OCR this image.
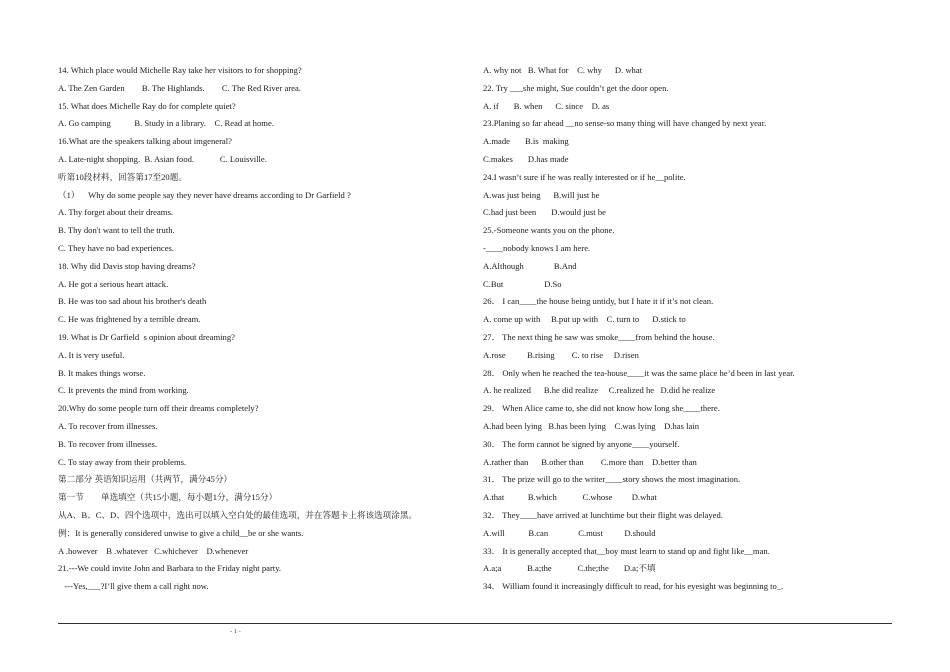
14. Which place would Michelle Ray take her visitors to for shopping?
A. The Zen Garden        B. The Highlands.        C. The Red River area.
15. What does Michelle Ray do for complete quiet?
A. Go camping           B. Study in a library.    C. Read at home.
16.What are the speakers talking about imgeneral?
A. Late-night shopping.  B. Asian food.            C. Louisville.
听第10段材料，回答第17至20题。
（1）    Why do some people say they never have dreams according to Dr Garfield ?
A. Thy forget about their dreams.
B. Thy don't want to tell the truth.
C. They have no bad experiences.
18. Why did Davis stop having dreams?
A. He got a serious heart attack.
B. He was too sad about his brother's death
C. He was frightened by a terrible dream.
19. What is Dr Garfield  s opinion about dreaming?
A. It is very useful.
B. It makes things worse.
C. It prevents the mind from working.
20.Why do some people turn off their dreams completely?
A. To recover from illnesses.
B. To recover from illnesses.
C. To stay away from their problems.
第二部分 英语知识运用（共两节，满分45分）
第一节        单选填空（共15小题，每小题1分，满分15分）
从A、B、C、D、四个选项中，选出可以填入空白处的最佳选项，并在答题卡上将该选项涂黑。
例：It is generally considered unwise to give a child__be or she wants.
A .however    B .whatever   C.whichever    D.whenever
21.---We could invite John and Barbara to the Friday night party.
---Yes,___?I’ll give them a call right now.
A. why not   B. What for    C. why      D. what
22. Try ___she might, Sue couldn’t get the door open.
A. if       B. when      C. since    D. as
23.Planing so far ahead __no sense-so many thing will have changed by next year.
A.made       B.is  making
C.makes       D.has made
24.I wasn’t sure if he was really interested or if he__polite.
A.was just being      B.will just be
C.had just been       D.would just be
25.-Someone wants you on the phone.
-____nobody knows I am here.
A.Although              B.And
C.But                   D.So
26． I can____the house being untidy, but I hate it if it’s not clean.
A. come up with     B.put up with    C. turn to      D.stick to
27． The next thing he saw was smoke____from behind the house.
A.rose          B.rising        C. to rise     D.risen
28． Only when he reached the tea-house____it was the same place he’d been in last year.
A. he realized      B.he did realize     C.realized he   D.did he realize
29． When Alice came to, she did not know how long she____there.
A.had been lying   B.has been lying    C.was lying    D.has lain
30． The form cannot be signed by anyone____yourself.
A.rather than      B.other than        C.more than    D.better than
31． The prize will go to the writer____story shows the most imagination.
A.that           B.which            C.whose         D.what
32． They____have arrived at lunchtime but their flight was delayed.
A.will           B.can              C.must          D.should
33． It is generally accepted that__boy must learn to stand up and fight like__man.
A.a;a            B.a;the            C.the;the       D.a;不填
34． William found it increasingly difficult to read, for his eyesight was beginning to_.
- 1 -
